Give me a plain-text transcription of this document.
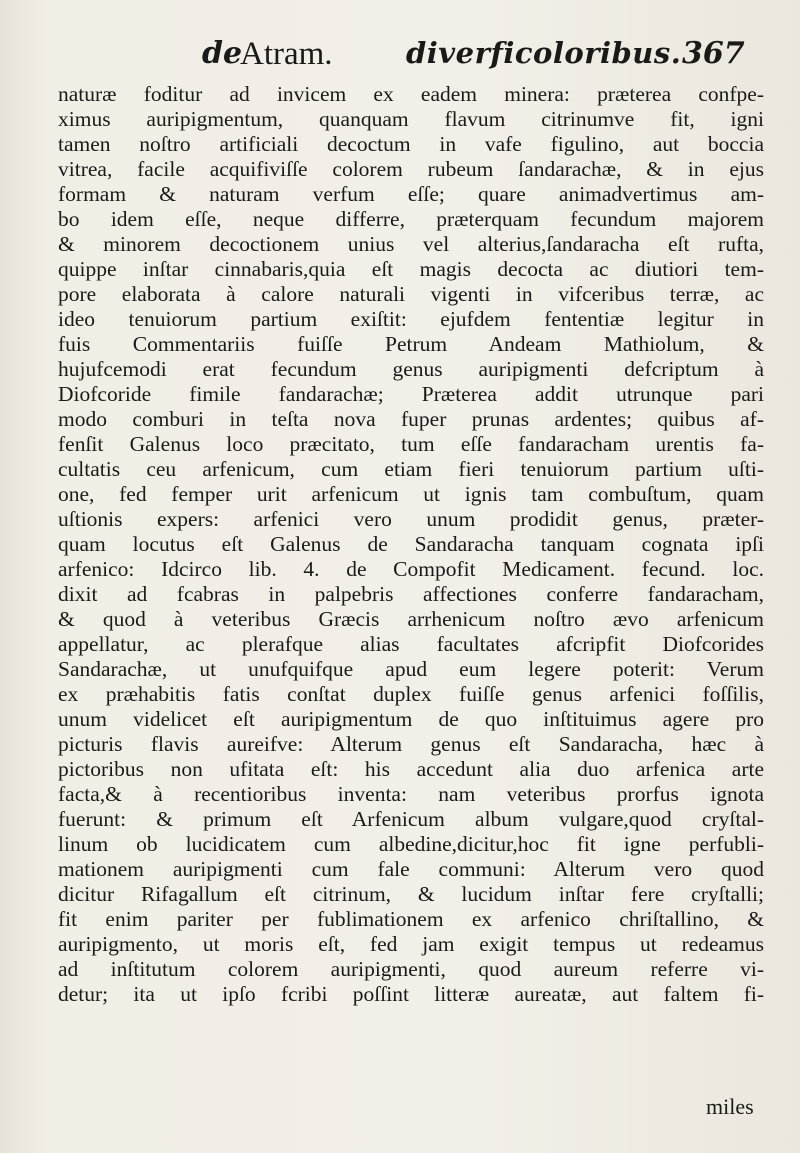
de
Atram.	diverficoloribus. 367
naturæ foditur ad invicem ex eadem minera: præterea confpe-
ximus auripigmentum, quanquam flavum citrinumve fit, igni
tamen noſtro artificiali decoctum in vafe figulino, aut boccia
vitrea, facile acquifiviſſe colorem rubeum ſandarachæ, & in ejus
formam & naturam verfum eſſe; quare animadvertimus am-
bo idem eſſe, neque differre, præterquam fecundum majorem
& minorem decoctionem unius vel alterius,ſandaracha eſt rufta,
quippe inſtar cinnabaris,quia eſt magis decocta ac diutiori tem-
pore elaborata à calore naturali vigenti in vifceribus terræ, ac
ideo tenuiorum partium exiſtit: ejufdem fententiæ legitur in
fuis Commentariis fuiſſe Petrum Andeam Mathiolum, &
hujufcemodi erat fecundum genus auripigmenti defcriptum à
Diofcoride fimile fandarachæ; Præterea addit utrunque pari
modo comburi in teſta nova fuper prunas ardentes; quibus af-
fenſit Galenus loco præcitato, tum eſſe fandaracham urentis fa-
cultatis ceu arfenicum, cum etiam fieri tenuiorum partium uſti-
one, fed femper urit arfenicum ut ignis tam combuſtum, quam
uſtionis expers: arfenici vero unum prodidit genus, præter-
quam locutus eſt Galenus de Sandaracha tanquam cognata ipſi
arfenico: Idcirco lib. 4. de Compofit Medicament. fecund. loc.
dixit ad fcabras in palpebris affectiones conferre fandaracham,
& quod à veteribus Græcis arrhenicum noſtro ævo arfenicum
appellatur, ac plerafque alias facultates afcripfit Diofcorides
Sandarachæ, ut unufquifque apud eum legere poterit: Verum
ex præhabitis fatis conſtat duplex fuiſſe genus arfenici foſſilis,
unum videlicet eſt auripigmentum de quo inſtituimus agere pro
picturis flavis aureifve: Alterum genus eſt Sandaracha, hæc à
pictoribus non ufitata eſt: his accedunt alia duo arfenica arte
facta,& à recentioribus inventa: nam veteribus prorfus ignota
fuerunt: & primum eſt Arfenicum album vulgare,quod cryſtal-
linum ob lucidicatem cum albedine,dicitur,hoc fit igne perfubli-
mationem auripigmenti cum fale communi: Alterum vero quod
dicitur Rifagallum eſt citrinum, & lucidum inſtar fere cryſtalli;
fit enim pariter per fublimationem ex arfenico chriſtallino, &
auripigmento, ut moris eſt, fed jam exigit tempus ut redeamus
ad inſtitutum colorem auripigmenti, quod aureum referre vi-
detur; ita ut ipſo fcribi poſſint litteræ aureatæ, aut faltem fi-
miles
